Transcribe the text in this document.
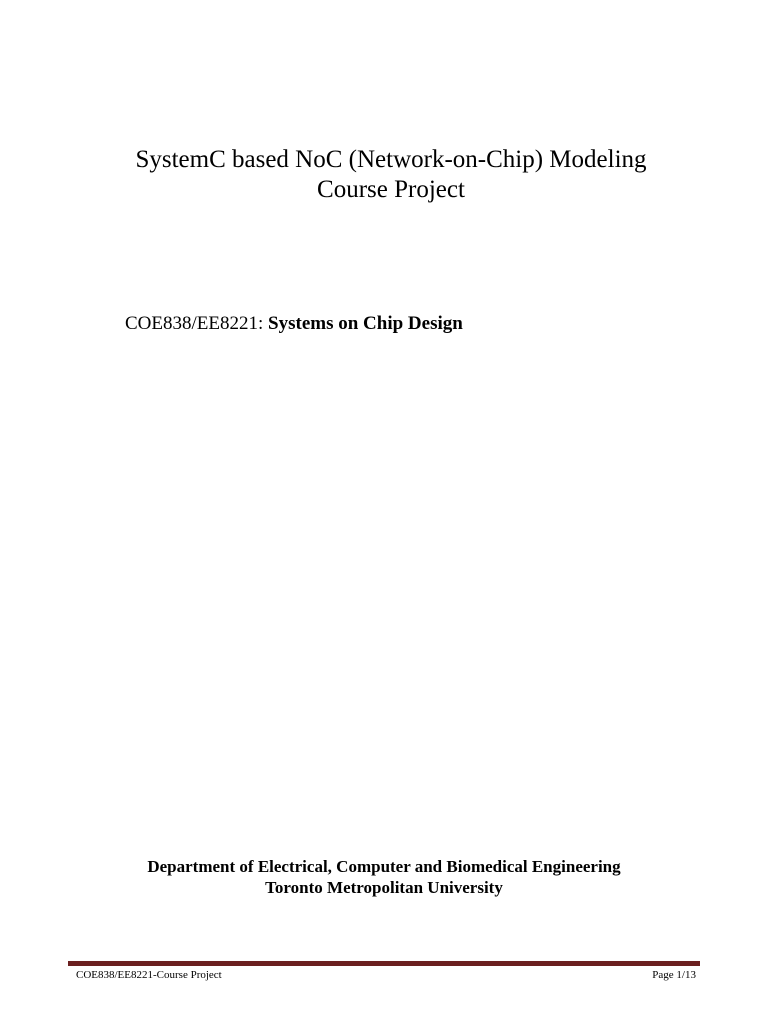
SystemC based NoC (Network-on-Chip) Modeling
Course Project
COE838/EE8221: Systems on Chip Design
Department of Electrical, Computer and Biomedical Engineering
Toronto Metropolitan University
COE838/EE8221-Course Project	Page 1/13
